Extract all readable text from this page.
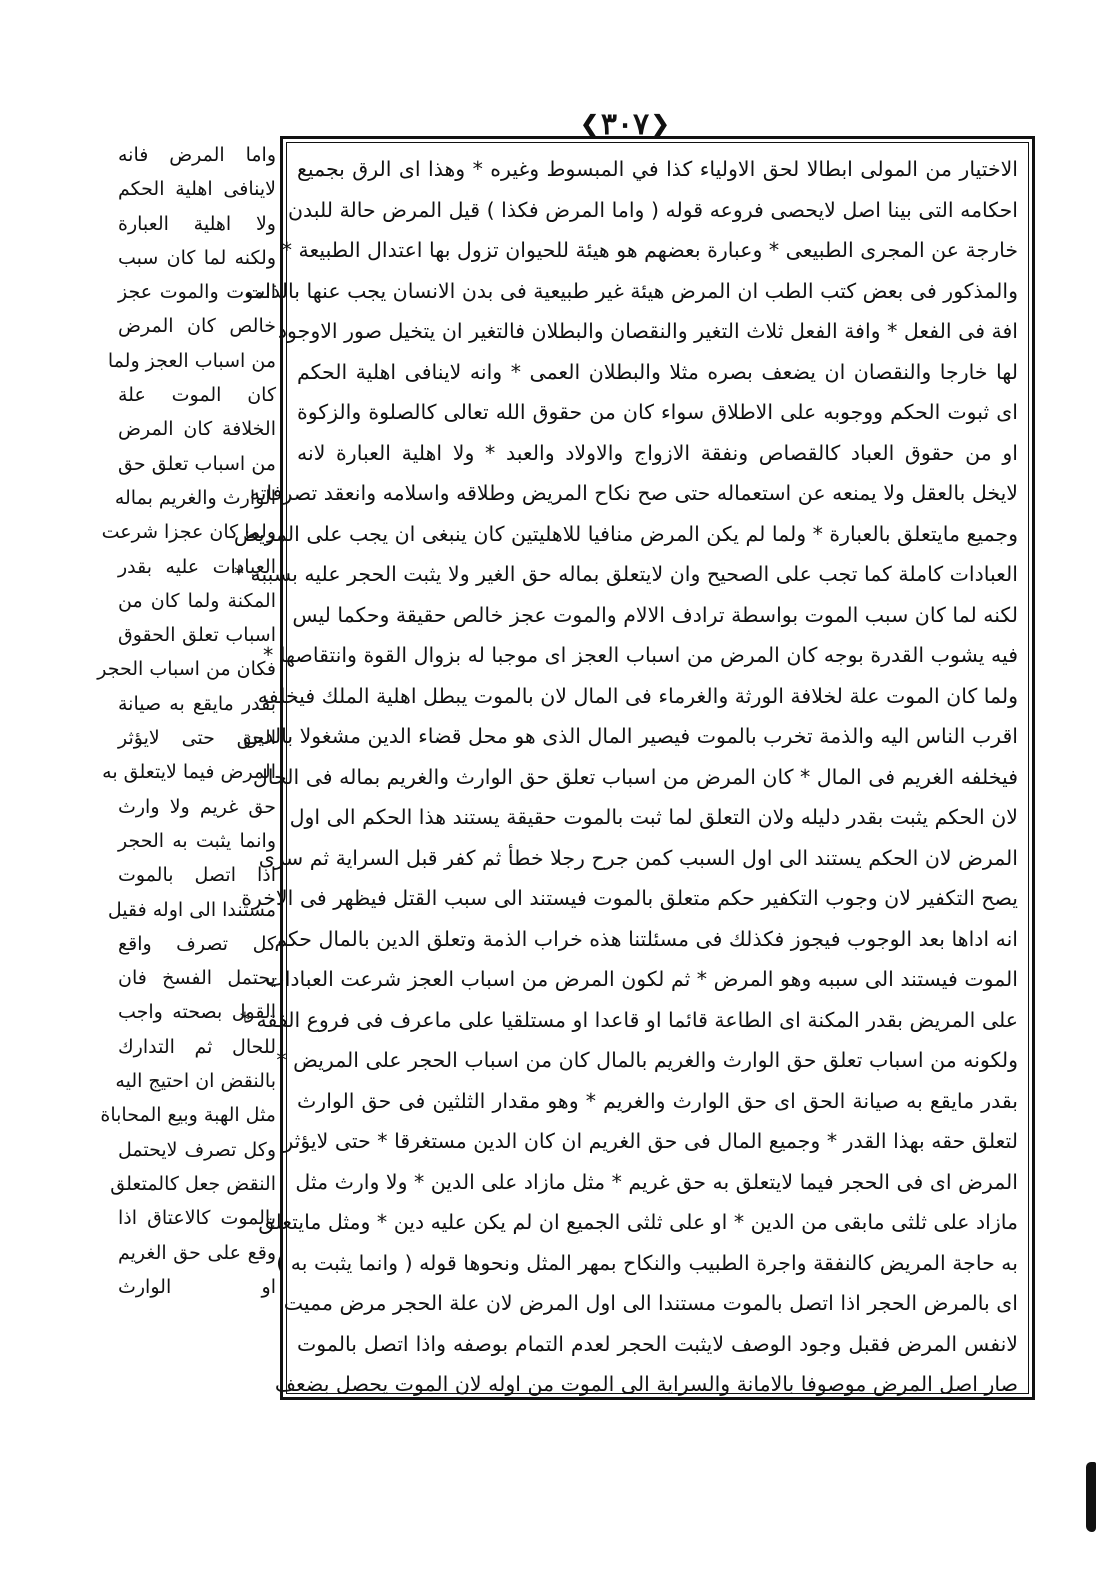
❮
٣٠٧
❯
الاختيار من المولى ابطالا لحق الاولياء كذا في المبسوط وغيره * وهذا اى الرق بجميع
احكامه التى بينا اصل لايحصى فروعه قوله ( واما المرض فكذا ) قيل المرض حالة للبدن
خارجة عن المجرى الطبيعى * وعبارة بعضهم هو هيئة للحيوان تزول بها اعتدال الطبيعة *
والمذكور فى بعض كتب الطب ان المرض هيئة غير طبيعية فى بدن الانسان يجب عنها بالذات
افة فى الفعل * وافة الفعل ثلاث التغير والنقصان والبطلان فالتغير ان يتخيل صور الاوجود
لها خارجا والنقصان ان يضعف بصره مثلا والبطلان العمى * وانه لاينافى اهلية الحكم
اى ثبوت الحكم ووجوبه على الاطلاق سواء كان من حقوق الله تعالى كالصلوة والزكوة
او من حقوق العباد كالقصاص ونفقة الازواج والاولاد والعبد * ولا اهلية العبارة لانه
لايخل بالعقل ولا يمنعه عن استعماله حتى صح نكاح المريض وطلاقه واسلامه وانعقد تصرفاته
وجميع مايتعلق بالعبارة * ولما لم يكن المرض منافيا للاهليتين كان ينبغى ان يجب على المريض
العبادات كاملة كما تجب على الصحيح وان لايتعلق بماله حق الغير ولا يثبت الحجر عليه بسببه *
لكنه لما كان سبب الموت بواسطة ترادف الالام والموت عجز خالص حقيقة وحكما ليس
فيه يشوب القدرة بوجه كان المرض من اسباب العجز اى موجبا له بزوال القوة وانتقاصها *
ولما كان الموت علة لخلافة الورثة والغرماء فى المال لان بالموت يبطل اهلية الملك فيخلفه
اقرب الناس اليه والذمة تخرب بالموت فيصير المال الذى هو محل قضاء الدين مشغولا بالدين
فيخلفه الغريم فى المال * كان المرض من اسباب تعلق حق الوارث والغريم بماله فى الحال
لان الحكم يثبت بقدر دليله ولان التعلق لما ثبت بالموت حقيقة يستند هذا الحكم الى اول
المرض لان الحكم يستند الى اول السبب كمن جرح رجلا خطأ ثم كفر قبل السراية ثم سرى
يصح التكفير لان وجوب التكفير حكم متعلق بالموت فيستند الى سبب القتل فيظهر فى الاخرة
انه اداها بعد الوجوب فيجوز فكذلك فى مسئلتنا هذه خراب الذمة وتعلق الدين بالمال حكم
الموت فيستند الى سببه وهو المرض * ثم لكون المرض من اسباب العجز شرعت العبادات
على المريض بقدر المكنة اى الطاعة قائما او قاعدا او مستلقيا على ماعرف فى فروع الفقه *
ولكونه من اسباب تعلق حق الوارث والغريم بالمال كان من اسباب الحجر على المريض *
بقدر مايقع به صيانة الحق اى حق الوارث والغريم * وهو مقدار الثلثين فى حق الوارث
لتعلق حقه بهذا القدر * وجميع المال فى حق الغريم ان كان الدين مستغرقا * حتى لايؤثر
المرض اى فى الحجر فيما لايتعلق به حق غريم * مثل مازاد على الدين * ولا وارث مثل
مازاد على ثلثى مابقى من الدين * او على ثلثى الجميع ان لم يكن عليه دين * ومثل مايتعلق
به حاجة المريض كالنفقة واجرة الطبيب والنكاح بمهر المثل ونحوها قوله ( وانما يثبت به )
اى بالمرض الحجر اذا اتصل بالموت مستندا الى اول المرض لان علة الحجر مرض مميت
لانفس المرض فقبل وجود الوصف لايثبت الحجر لعدم التمام بوصفه واذا اتصل بالموت
صار اصل المرض موصوفا بالامانة والسراية الى الموت من اوله لان الموت يحصل بضعف
واما المرض فانه
لاينافى اهلية الحكم
ولا اهلية العبارة
ولكنه لما كان سبب
الموت والموت عجز
خالص كان المرض
من اسباب العجز ولما
كان الموت علة
الخلافة كان المرض
من اسباب تعلق حق
الوارث والغريم بماله
ولما كان عجزا شرعت
العبادات عليه بقدر
المكنة ولما كان من
اسباب تعلق الحقوق
فكان من اسباب الحجر
بقدر مايقع به صيانة
الحق حتى لايؤثر
المرض فيما لايتعلق به
حق غريم ولا وارث
وانما يثبت به الحجر
اذا اتصل بالموت
مستندا الى اوله فقيل
كل تصرف واقع
يحتمل الفسخ فان
القول بصحته واجب
للحال ثم التدارك
بالنقض ان احتيج اليه
مثل الهبة وبيع المحاباة
وكل تصرف لايحتمل
النقض جعل كالمتعلق
بالموت كالاعتاق اذا
وقع على حق الغريم
او الوارث
